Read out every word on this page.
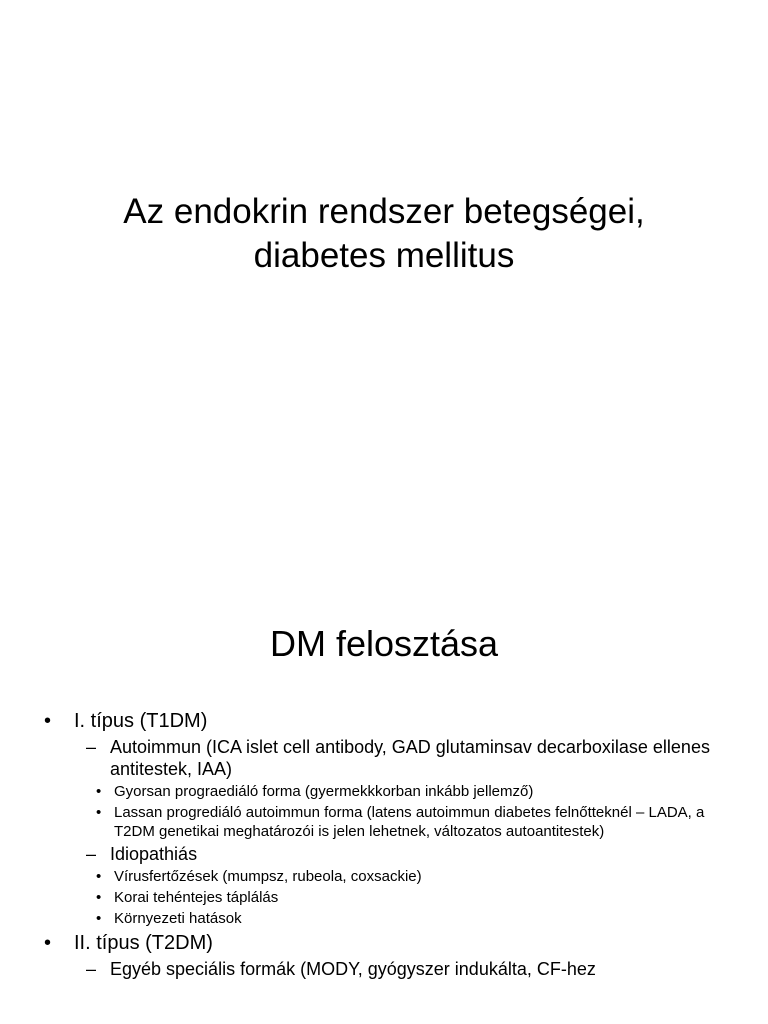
Az endokrin rendszer betegségei,
diabetes mellitus
DM felosztása
• I. típus (T1DM)
– Autoimmun (ICA islet cell antibody, GAD glutaminsav decarboxilase ellenes antitestek, IAA)
• Gyorsan prograediáló forma (gyermekkkorban inkább jellemző)
• Lassan progrediáló autoimmun forma (latens autoimmun diabetes felnőtteknél – LADA, a T2DM genetikai meghatározói is jelen lehetnek, változatos autoantitestek)
– Idiopathiás
• Vírusfertőzések (mumpsz, rubeola, coxsackie)
• Korai tehéntejes táplálás
• Környezeti hatások
• II. típus (T2DM)
– Egyéb speciális formák (MODY, gyógyszer indukálta, CF-hez
